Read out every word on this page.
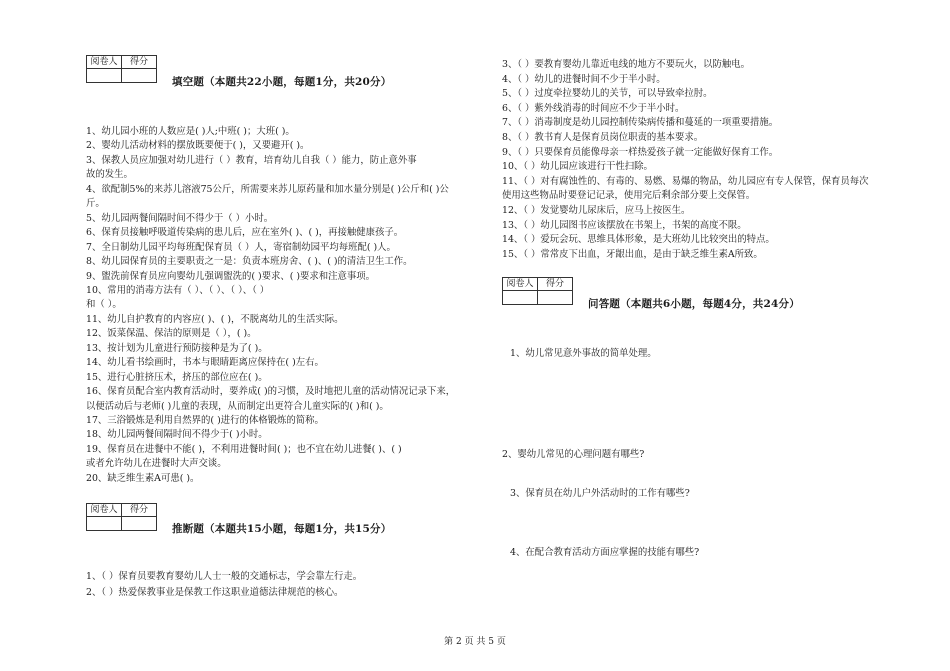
阅卷人	得分

填空题（本题共22小题，每题1分，共20分）
1、幼儿园小班的人数应是( )人;中班( )；大班( )。
2、婴幼儿活动材料的摆放既要便于( )，又要避开( )。
3、保教人员应加强对幼儿进行（ ）教育，培育幼儿自我（ ）能力，防止意外事
故的发生。
4、欲配制5%的来苏儿溶液75公斤，所需要来苏儿原药量和加水量分别是( )公斤和( )公
斤。
5、幼儿园两餐间隔时间不得少于（ ）小时。
6、保育员接触呼吸道传染病的患儿后，应在室外( )、( )，再接触健康孩子。
7、全日制幼儿园平均每班配保育员（ ）人，寄宿制幼园平均每班配( )人。
8、幼儿园保育员的主要职责之一是：负责本班房舍、( )、( )的清洁卫生工作。
9、盥洗前保育员应向婴幼儿强调盥洗的( )要求、( )要求和注意事项。
10、常用的消毒方法有（ ）、（ ）、（ ）、（ ）
和（ ）。
11、幼儿自护教育的内容应( )、( )，不脱离幼儿的生活实际。
12、饭菜保温、保洁的原则是（ ），( )。
13、按计划为儿童进行预防接种是为了( )。
14、幼儿看书绘画时，书本与眼睛距离应保持在( )左右。
15、进行心脏挤压术，挤压的部位应在( )。
16、保育员配合室内教育活动时，要养成( )的习惯，及时地把儿童的活动情况记录下来，
以便活动后与老师( )儿童的表现，从而制定出更符合儿童实际的( )和( )。
17、三浴锻炼是利用自然界的( )进行的体格锻炼的简称。
18、幼儿园两餐间隔时间不得少于( )小时。
19、保育员在进餐中不能( )，不利用进餐时间( )；也不宜在幼儿进餐( )、( )
或者允许幼儿在进餐时大声交谈。
20、缺乏维生素A可患( )。
阅卷人	得分

推断题（本题共15小题，每题1分，共15分）
1、（ ）保育员要教育婴幼儿人士一般的交通标志，学会靠左行走。
2、（ ）热爱保教事业是保教工作这职业道德法律规范的核心。
3、（ ）要教育婴幼儿靠近电线的地方不要玩火，以防触电。
4、（ ）幼儿的进餐时间不少于半小时。
5、（ ）过度牵拉婴幼儿的关节，可以导致牵拉肘。
6、（ ）紫外线消毒的时间应不少于半小时。
7、（ ）消毒制度是幼儿园控制传染病传播和蔓延的一项重要措施。
8、（ ）教书育人是保育员岗位职责的基本要求。
9、（ ）只要保育员能像母亲一样热爱孩子就一定能做好保育工作。
10、（ ）幼儿园应该进行干性扫除。
11、（ ）对有腐蚀性的、有毒的、易燃、易爆的物品，幼儿园应有专人保管，保育员每次
使用这些物品时要登记记录，使用完后剩余部分要上交保管。
12、（ ）发觉婴幼儿尿床后，应马上按医生。
13、（ ）幼儿园图书应该摆放在书架上，书架的高度不限。
14、（ ）爱玩会玩、思维具体形象，是大班幼儿比较突出的特点。
15、（ ）常常皮下出血，牙龈出血，是由于缺乏维生素A所致。
阅卷人	得分

问答题（本题共6小题，每题4分，共24分）
1、幼儿常见意外事故的简单处理。
2、婴幼儿常见的心理问题有哪些?
3、保育员在幼儿户外活动时的工作有哪些?
4、在配合教育活动方面应掌握的技能有哪些?
第 2 页 共 5 页
